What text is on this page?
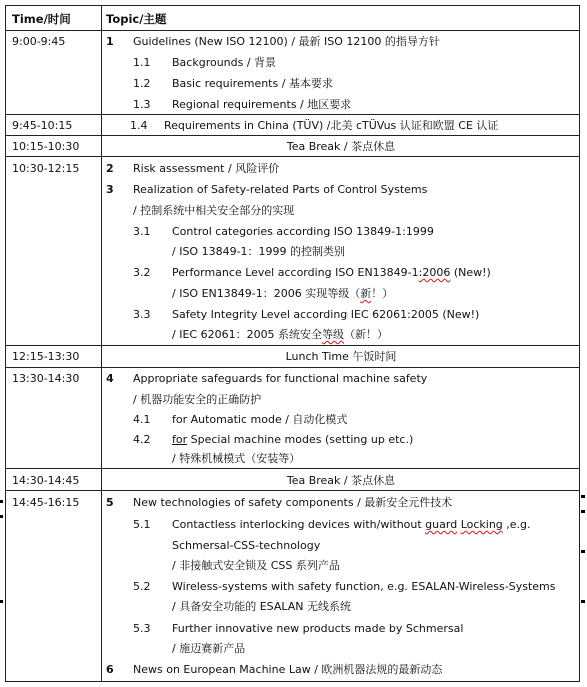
Time/时间	Topic/主题
9:00-9:45	1 Guidelines (New ISO 12100) / 最新 ISO 12100 的指导方针
1.1 Backgrounds / 背景
1.2 Basic requirements / 基本要求
1.3 Regional requirements / 地区要求
9:45-10:15	1.4 Requirements in China (TÜV) /北美 cTÜVus 认证和欧盟 CE 认证
10:15-10:30	Tea Break / 茶点休息
10:30-12:15 2 Risk assessment / 风险评价
3 Realization of Safety-related Parts of Control Systems
/ 控制系统中相关安全部分的实现
3.1 Control categories according ISO 13849-1:1999
/ ISO 13849-1：1999 的控制类别
3.2 Performance Level according ISO EN13849-1:2006 (New!)
/ ISO EN13849-1：2006 实现等级（新！）
3.3 Safety Integrity Level according IEC 62061:2005 (New!)
/ IEC 62061：2005 系统安全等级（新！）
12:15-13:30	Lunch Time 午饭时间
13:30-14:30 4 Appropriate safeguards for functional machine safety
/ 机器功能安全的正确防护
4.1 for Automatic mode / 自动化模式
4.2 for Special machine modes (setting up etc.)
/ 特殊机械模式（安装等）
14:30-14:45	Tea Break / 茶点休息
14:45-16:15 5 New technologies of safety components / 最新安全元件技术
5.1 Contactless interlocking devices with/without guard Locking ,e.g.
Schmersal-CSS-technology
/ 非接触式安全锁及 CSS 系列产品
5.2 Wireless-systems with safety function, e.g. ESALAN-Wireless-Systems
/ 具备安全功能的 ESALAN 无线系统
5.3 Further innovative new products made by Schmersal
/ 施迈赛新产品
6 News on European Machine Law / 欧洲机器法规的最新动态
